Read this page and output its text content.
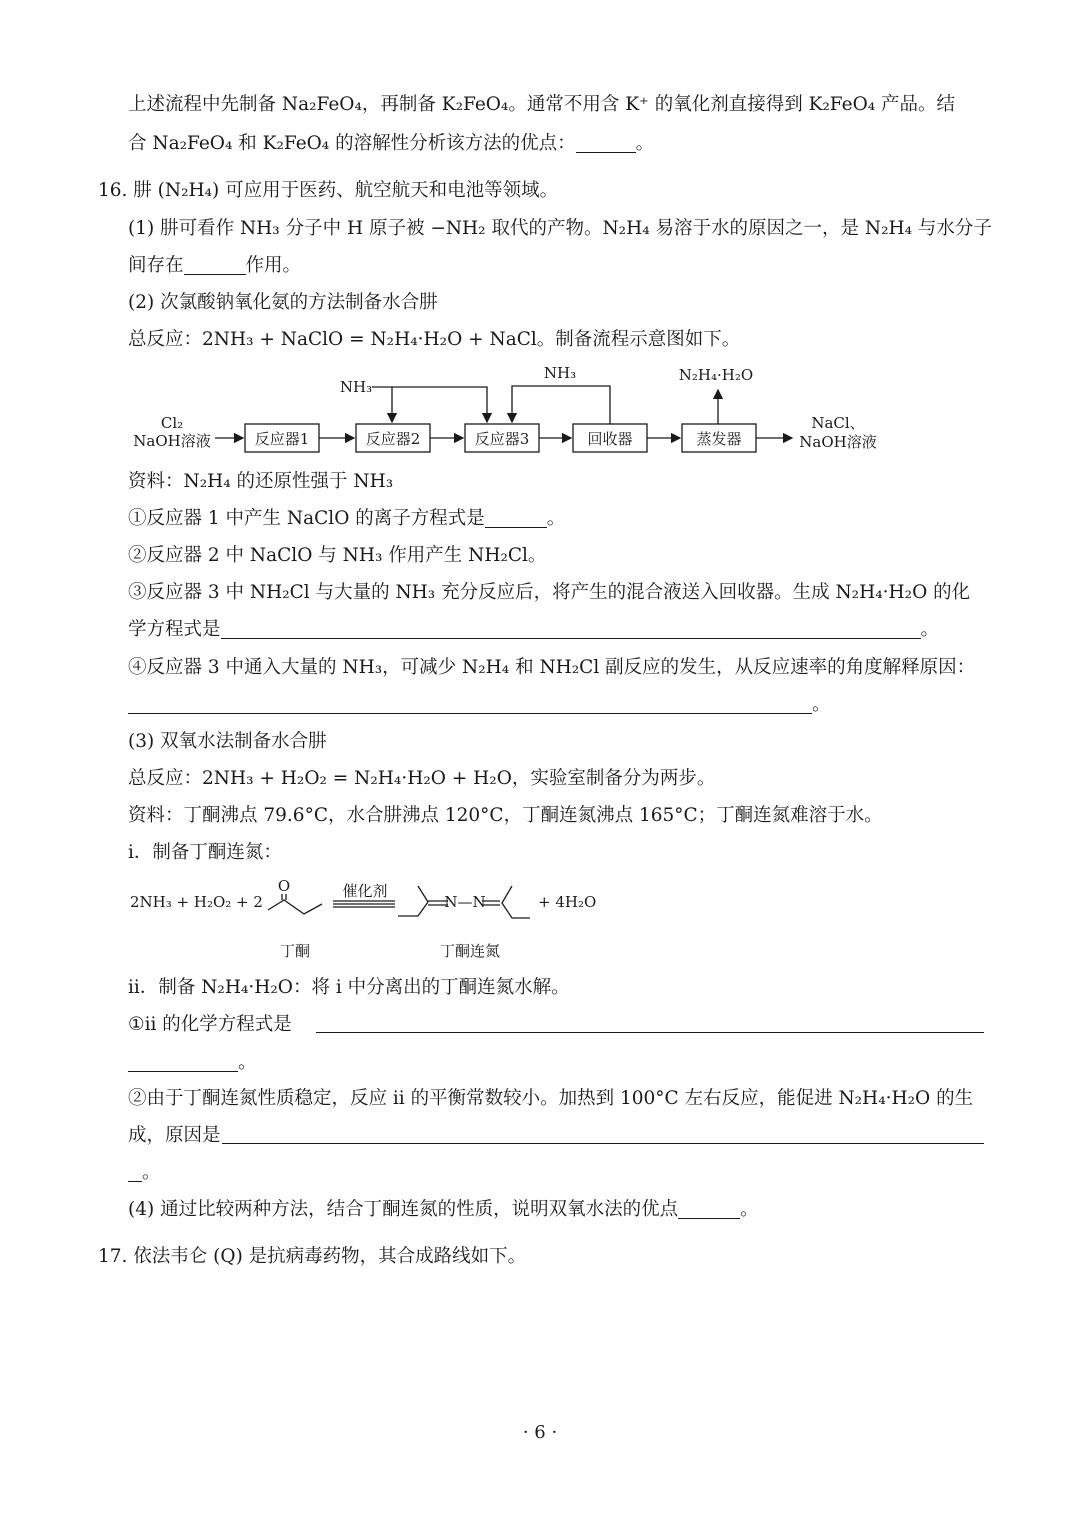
上述流程中先制备 Na₂FeO₄，再制备 K₂FeO₄。通常不用含 K⁺ 的氧化剂直接得到 K₂FeO₄ 产品。结
合 Na₂FeO₄ 和 K₂FeO₄ 的溶解性分析该方法的优点：	。
16. 肼 (N₂H₄) 可应用于医药、航空航天和电池等领域。
(1) 肼可看作 NH₃ 分子中 H 原子被 −NH₂ 取代的产物。N₂H₄ 易溶于水的原因之一，是 N₂H₄ 与水分子
间存在	作用。
(2) 次氯酸钠氧化氨的方法制备水合肼
总反应：2NH₃ + NaClO = N₂H₄·H₂O + NaCl。制备流程示意图如下。
Cl₂
NaOH溶液
NH₃
NH₃	N₂H₄·H₂O
NaCl、
NaOH溶液
反应器1	反应器2	反应器3	回收器	蒸发器
资料：N₂H₄ 的还原性强于 NH₃
①反应器 1 中产生 NaClO 的离子方程式是	。
②反应器 2 中 NaClO 与 NH₃ 作用产生 NH₂Cl。
③反应器 3 中 NH₂Cl 与大量的 NH₃ 充分反应后，将产生的混合液送入回收器。生成 N₂H₄·H₂O 的化
学方程式是	。
④反应器 3 中通入大量的 NH₃，可减少 N₂H₄ 和 NH₂Cl 副反应的发生，从反应速率的角度解释原因：
。
(3) 双氧水法制备水合肼
总反应：2NH₃ + H₂O₂ = N₂H₄·H₂O + H₂O，实验室制备分为两步。
资料：丁酮沸点 79.6°C，水合肼沸点 120°C，丁酮连氮沸点 165°C；丁酮连氮难溶于水。
i．制备丁酮连氮：
2NH₃ + H₂O₂ + 2
O	催化剂
N—N	+ 4H₂O
丁酮	丁酮连氮
ii．制备 N₂H₄·H₂O：将 i 中分离出的丁酮连氮水解。
①ii 的化学方程式是
。
②由于丁酮连氮性质稳定，反应 ii 的平衡常数较小。加热到 100°C 左右反应，能促进 N₂H₄·H₂O 的生
成，原因是
。
(4) 通过比较两种方法，结合丁酮连氮的性质，说明双氧水法的优点	。
17. 依法韦仑 (Q) 是抗病毒药物，其合成路线如下。
· 6 ·
